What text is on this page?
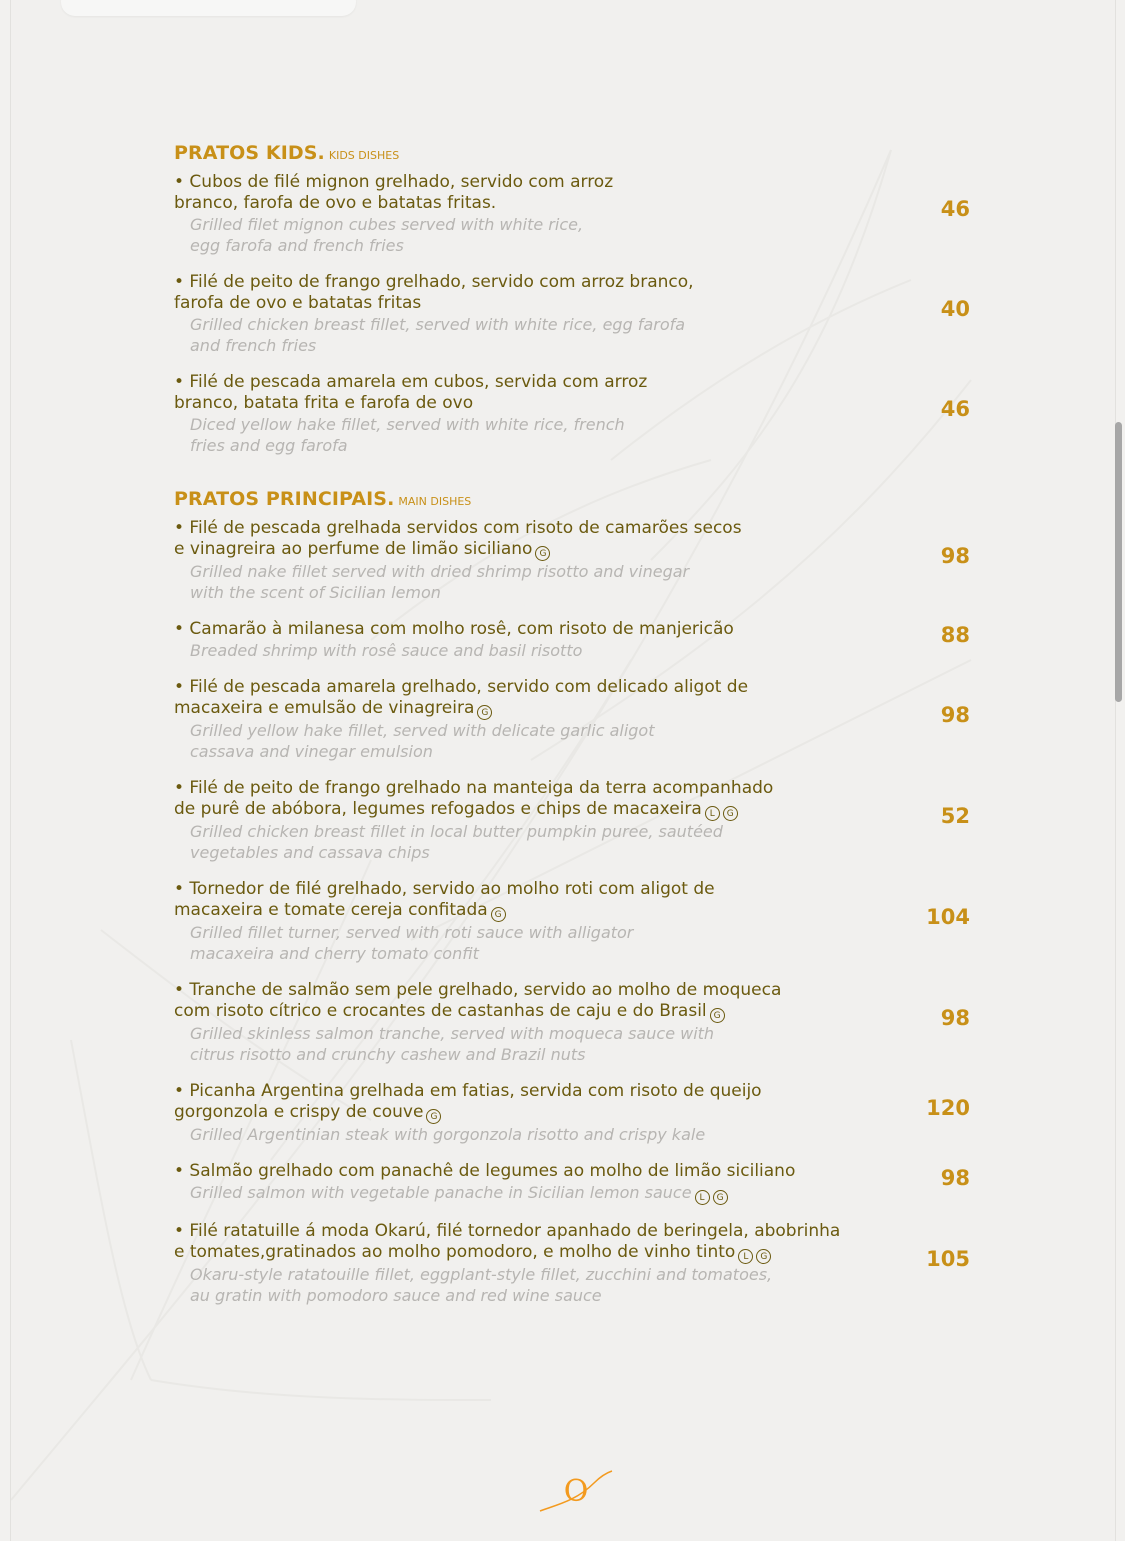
PRATOS KIDS. KIDS DISHES
• Cubos de filé mignon grelhado, servido com arroz
branco, farofa de ovo e batatas fritas.
Grilled filet mignon cubes served with white rice,
egg farofa and french fries
46
• Filé de peito de frango grelhado, servido com arroz branco,
farofa de ovo e batatas fritas
Grilled chicken breast fillet, served with white rice, egg farofa
and french fries
40
• Filé de pescada amarela em cubos, servida com arroz
branco, batata frita e farofa de ovo
Diced yellow hake fillet, served with white rice, french
fries and egg farofa
46
PRATOS PRINCIPAIS. MAIN DISHES
• Filé de pescada grelhada servidos com risoto de camarões secos
e vinagreira ao perfume de limão siciliano G
Grilled nake fillet served with dried shrimp risotto and vinegar
with the scent of Sicilian lemon
98
• Camarão à milanesa com molho rosê, com risoto de manjericão
Breaded shrimp with rosê sauce and basil risotto
88
• Filé de pescada amarela grelhado, servido com delicado aligot de
macaxeira e emulsão de vinagreira G
Grilled yellow hake fillet, served with delicate garlic aligot
cassava and vinegar emulsion
98
• Filé de peito de frango grelhado na manteiga da terra acompanhado
de purê de abóbora, legumes refogados e chips de macaxeira L G
Grilled chicken breast fillet in local butter pumpkin puree, sautéed
vegetables and cassava chips
52
• Tornedor de filé grelhado, servido ao molho roti com aligot de
macaxeira e tomate cereja confitada G
Grilled fillet turner, served with roti sauce with alligator
macaxeira and cherry tomato confit
104
• Tranche de salmão sem pele grelhado, servido ao molho de moqueca
com risoto cítrico e crocantes de castanhas de caju e do Brasil G
Grilled skinless salmon tranche, served with moqueca sauce with
citrus risotto and crunchy cashew and Brazil nuts
98
• Picanha Argentina grelhada em fatias, servida com risoto de queijo
gorgonzola e crispy de couve G
Grilled Argentinian steak with gorgonzola risotto and crispy kale
120
• Salmão grelhado com panachê de legumes ao molho de limão siciliano
Grilled salmon with vegetable panache in Sicilian lemon sauce L G
98
• Filé ratatuille á moda Okarú, filé tornedor apanhado de beringela, abobrinha
e tomates,gratinados ao molho pomodoro, e molho de vinho tinto L G
Okaru-style ratatouille fillet, eggplant-style fillet, zucchini and tomatoes,
au gratin with pomodoro sauce and red wine sauce
105
O
